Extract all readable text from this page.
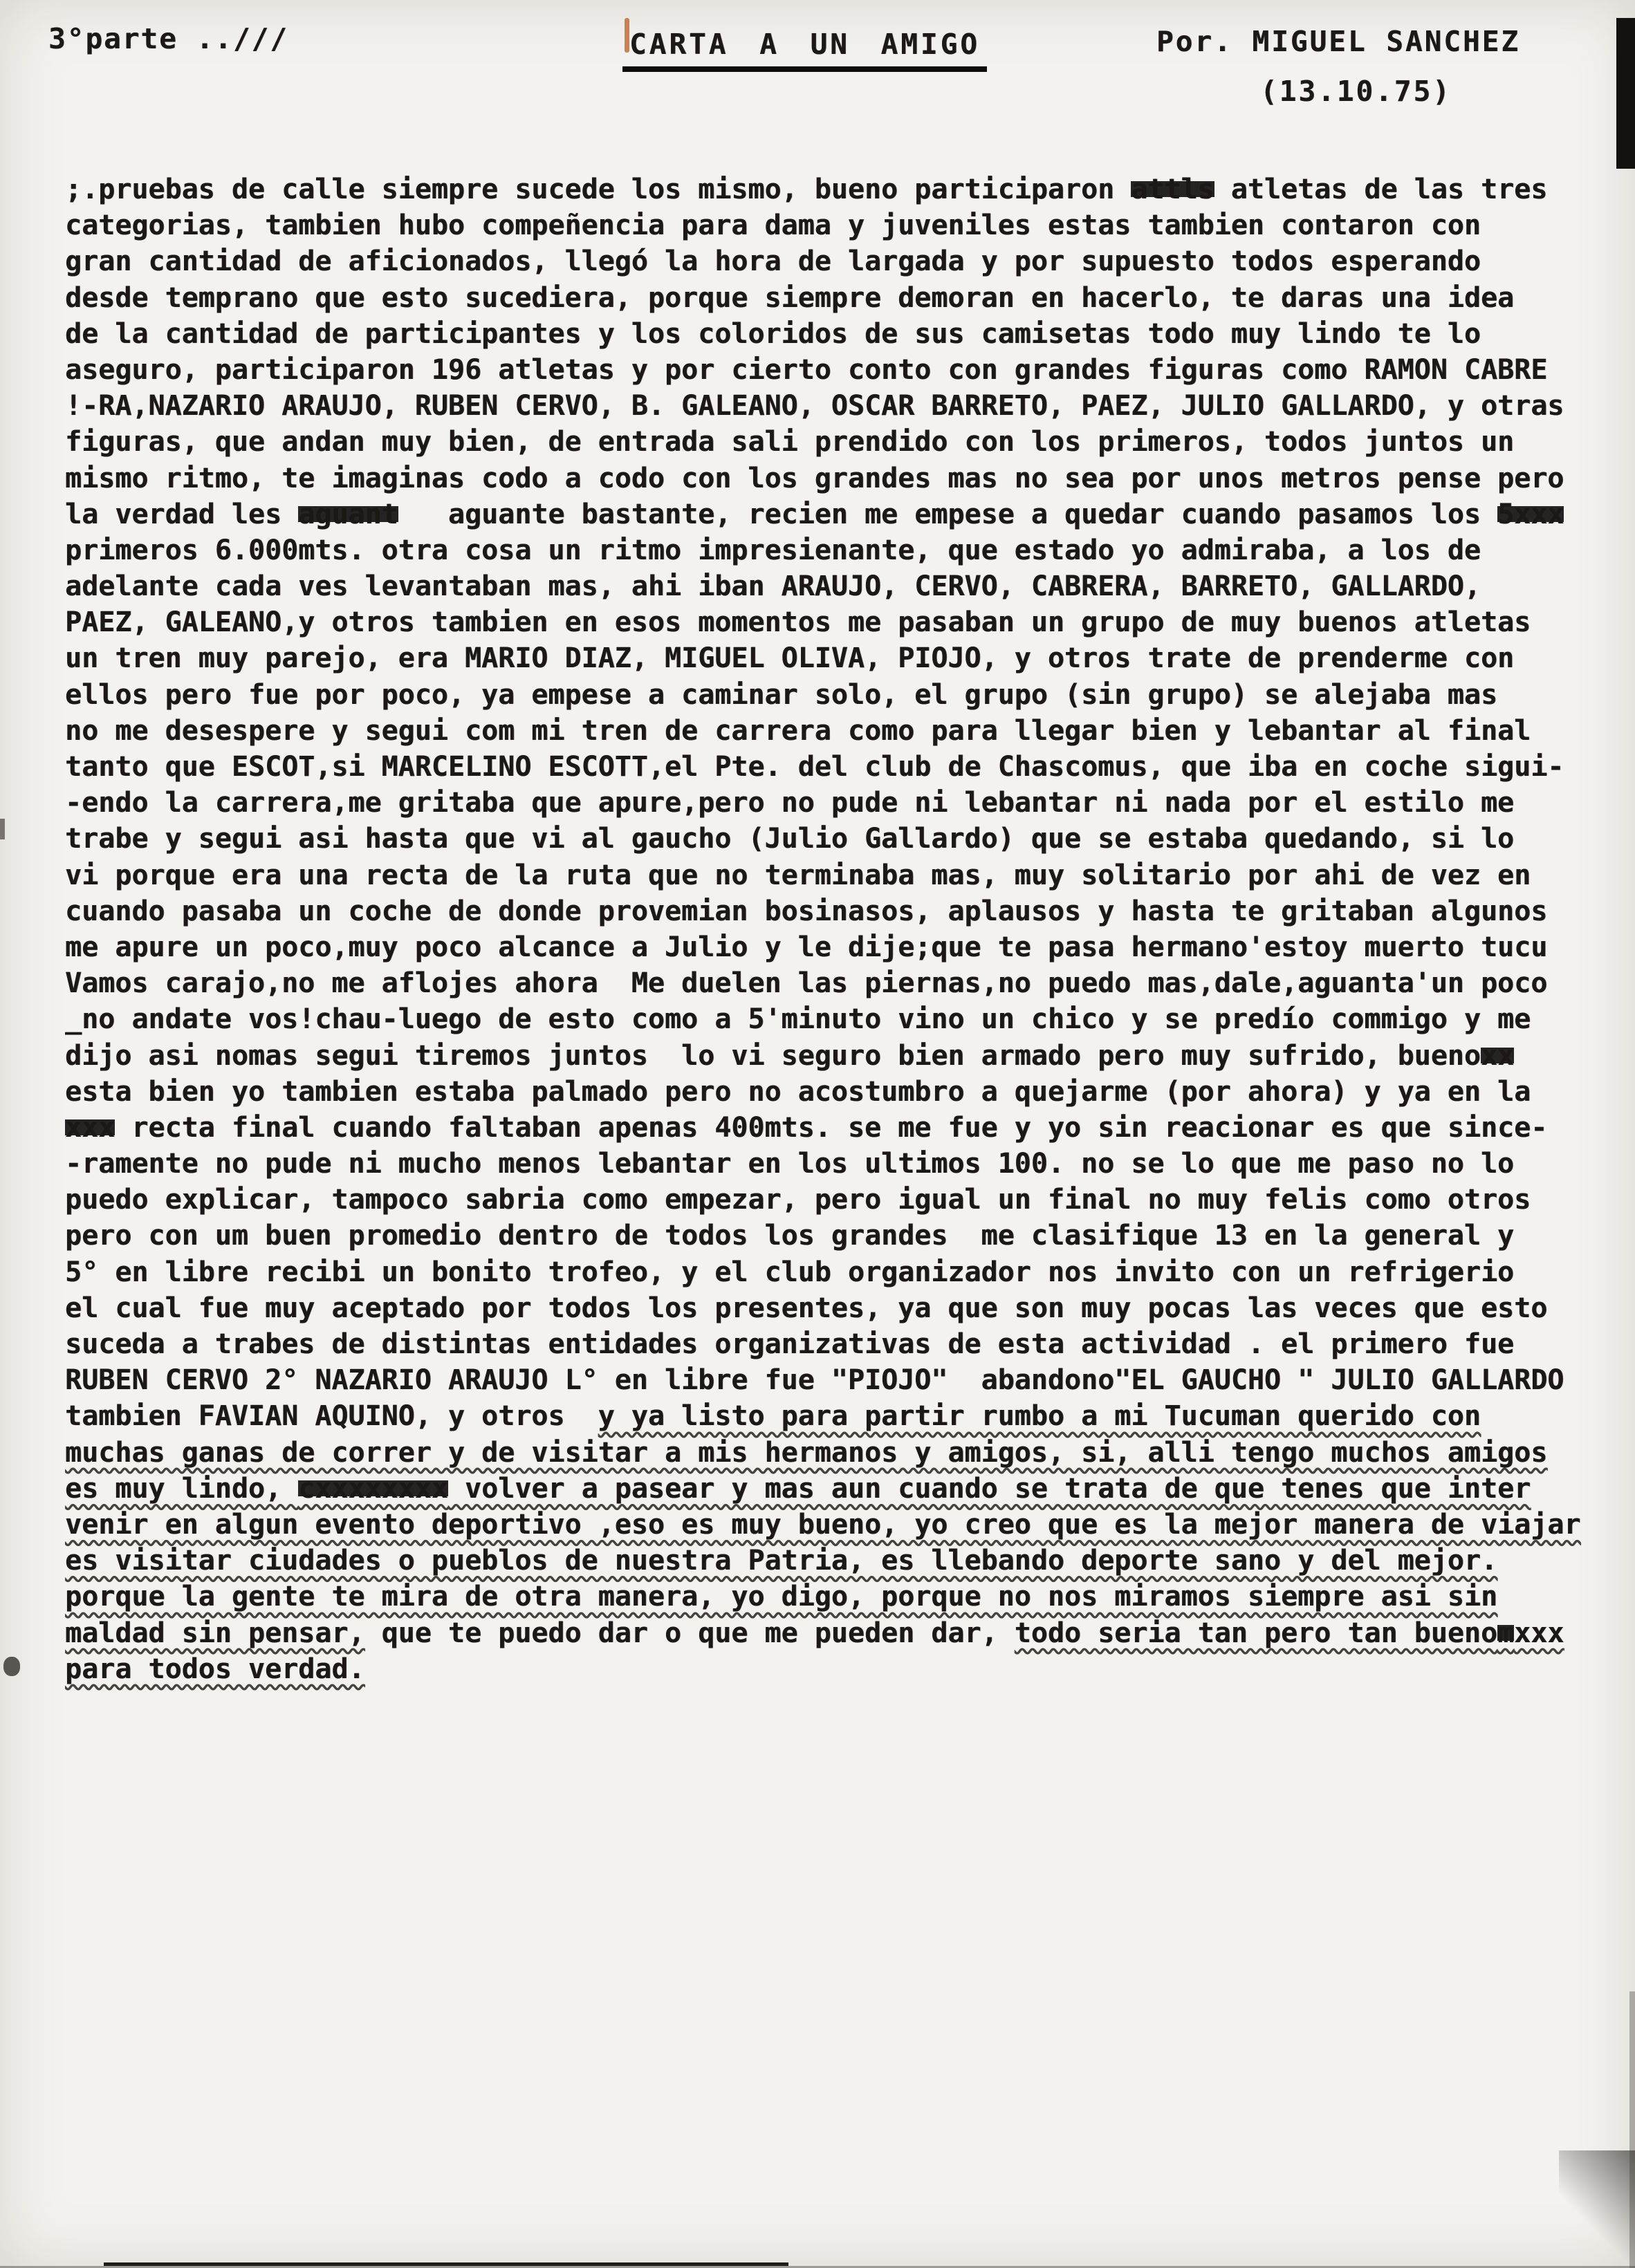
3°parte ..///	CARTA A UN AMIGO	Por. MIGUEL SANCHEZ
(13.10.75)
;.pruebas de calle siempre sucede los mismo, bueno participaron attls atletas de las tres
categorias, tambien hubo compeñencia para dama y juveniles estas tambien contaron con
gran cantidad de aficionados, llegó la hora de largada y por supuesto todos esperando
desde temprano que esto sucediera, porque siempre demoran en hacerlo, te daras una idea
de la cantidad de participantes y los coloridos de sus camisetas todo muy lindo te lo
aseguro, participaron 196 atletas y por cierto conto con grandes figuras como RAMON CABRE
!-RA,NAZARIO ARAUJO, RUBEN CERVO, B. GALEANO, OSCAR BARRETO, PAEZ, JULIO GALLARDO, y otras
figuras, que andan muy bien, de entrada sali prendido con los primeros, todos juntos un
mismo ritmo, te imaginas codo a codo con los grandes mas no sea por unos metros pense pero
la verdad les aguant   aguante bastante, recien me empese a quedar cuando pasamos los 5xxx
primeros 6.000mts. otra cosa un ritmo impresienante, que estado yo admiraba, a los de
adelante cada ves levantaban mas, ahi iban ARAUJO, CERVO, CABRERA, BARRETO, GALLARDO,
PAEZ, GALEANO,y otros tambien en esos momentos me pasaban un grupo de muy buenos atletas
un tren muy parejo, era MARIO DIAZ, MIGUEL OLIVA, PIOJO, y otros trate de prenderme con
ellos pero fue por poco, ya empese a caminar solo, el grupo (sin grupo) se alejaba mas
no me desespere y segui com mi tren de carrera como para llegar bien y lebantar al final
tanto que ESCOT,si MARCELINO ESCOTT,el Pte. del club de Chascomus, que iba en coche sigui-
-endo la carrera,me gritaba que apure,pero no pude ni lebantar ni nada por el estilo me
trabe y segui asi hasta que vi al gaucho (Julio Gallardo) que se estaba quedando, si lo
vi porque era una recta de la ruta que no terminaba mas, muy solitario por ahi de vez en
cuando pasaba un coche de donde provemian bosinasos, aplausos y hasta te gritaban algunos
me apure un poco,muy poco alcance a Julio y le dije;que te pasa hermano'estoy muerto tucu
Vamos carajo,no me aflojes ahora  Me duelen las piernas,no puedo mas,dale,aguanta'un poco
_no andate vos!chau-luego de esto como a 5'minuto vino un chico y se predío commigo y me
dijo asi nomas segui tiremos juntos  lo vi seguro bien armado pero muy sufrido, buenoxx
esta bien yo tambien estaba palmado pero no acostumbro a quejarme (por ahora) y ya en la
xxx recta final cuando faltaban apenas 400mts. se me fue y yo sin reacionar es que since-
-ramente no pude ni mucho menos lebantar en los ultimos 100. no se lo que me paso no lo
puedo explicar, tampoco sabria como empezar, pero igual un final no muy felis como otros
pero con um buen promedio dentro de todos los grandes  me clasifique 13 en la general y
5° en libre recibi un bonito trofeo, y el club organizador nos invito con un refrigerio
el cual fue muy aceptado por todos los presentes, ya que son muy pocas las veces que esto
suceda a trabes de distintas entidades organizativas de esta actividad . el primero fue
RUBEN CERVO 2° NAZARIO ARAUJO L° en libre fue "PIOJO"  abandono"EL GAUCHO " JULIO GALLARDO
tambien FAVIAN AQUINO, y otros  y ya listo para partir rumbo a mi Tucuman querido con
muchas ganas de correr y de visitar a mis hermanos y amigos, si, alli tengo muchos amigos
es muy lindo, cxxxxxxxx volver a pasear y mas aun cuando se trata de que tenes que inter
venir en algun evento deportivo ,eso es muy bueno, yo creo que es la mejor manera de viajar
es visitar ciudades o pueblos de nuestra Patria, es llebando deporte sano y del mejor.
porque la gente te mira de otra manera, yo digo, porque no nos miramos siempre asi sin
maldad sin pensar, que te puedo dar o que me pueden dar, todo seria tan pero tan buenomxxx
para todos verdad.
